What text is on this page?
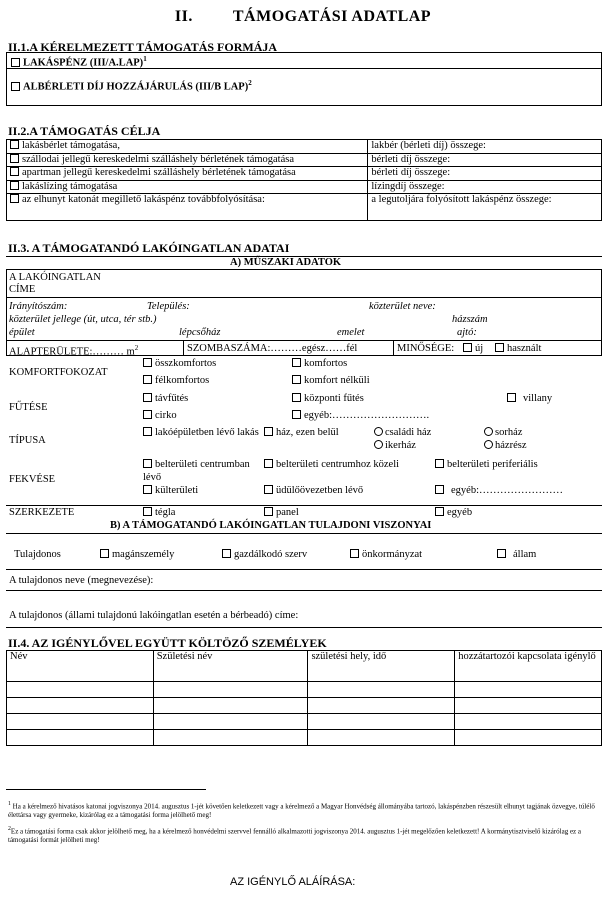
II.	TÁMOGATÁSI ADATLAP
II.1.A KÉRELMEZETT TÁMOGATÁS FORMÁJA
LAKÁSPÉNZ $(III/A.LAP)^1$
ALBÉRLETI DÍJ HOZZÁJÁRULÁS (III/B LAP)$^2$
II.2.A TÁMOGATÁS CÉLJA
lakásbérlet támogatása,	lakbér (bérleti díj) összege:
szállodai jellegű kereskedelmi szálláshely bérletének támogatása	bérleti díj összege:
apartman jellegű kereskedelmi szálláshely bérletének támogatása	bérleti díj összege:
lakáslízing támogatása	lízingdíj összege:
az elhunyt katonát megillető lakáspénz továbbfolyósítása:	a legutoljára folyósított lakáspénz összege:
II.3. A TÁMOGATANDÓ LAKÓINGATLAN ADATAI
A) MŰSZAKI ADATOK
A LAKÓINGATLAN
CÍME
Irányítószám:	Település:	közterület neve:
közterület jellege (út, utca, tér stb.)	házszám
épület	lépcsőház	emelet	ajtó:
ALAPTERÜLETE:……… $m^2$	SZOMBASZÁMA:………egész……fél	MINŐSÉGE:	új	használt
KOMFORTFOKOZAT
összkomfortos	komfortos
félkomfortos	komfort nélküli
FŰTÉSE
távfűtés	központi fűtés	villany
cirko	egyéb:……………………….
TÍPUSA
lakóépületben lévő lakás	ház, ezen belül	családi ház	sorház
ikerház	házrész
FEKVÉSE
belterületi centrumban lévő
belterületi centrumhoz közeli	belterületi periferiális
külterületi	üdülőövezetben lévő	egyéb:……………………
SZERKEZETE	tégla	panel	egyéb
B) A TÁMOGATANDÓ LAKÓINGATLAN TULAJDONI VISZONYAI
Tulajdonos	magánszemély	gazdálkodó szerv	önkormányzat	állam
A tulajdonos neve (megnevezése):
A tulajdonos (állami tulajdonú lakóingatlan esetén a bérbeadó) címe:
II.4. AZ IGÉNYLŐVEL EGYÜTT KÖLTÖZŐ SZEMÉLYEK
Név	Születési név	születési hely, idő	hozzátartozói kapcsolata igénylő

$^1$ Ha a kérelmező hivatásos katonai jogviszonya 2014. augusztus 1-jét követően keletkezett vagy a kérelmező a Magyar Honvédség állományába tartozó, lakáspénzben részesült elhunyt tagjának özvegye, túlélő élettársa vagy gyermeke, kizárólag ez a támogatási forma jelölhető meg!
$^2$Ez a támogatási forma csak akkor jelölhető meg, ha a kérelmező honvédelmi szervvel fennálló alkalmazotti jogviszonya 2014. augusztus 1-jét megelőzően keletkezett! A kormánytisztviselő kizárólag ez a támogatási formát jelölheti meg!
AZ IGÉNYLŐ ALÁÍRÁSA:
